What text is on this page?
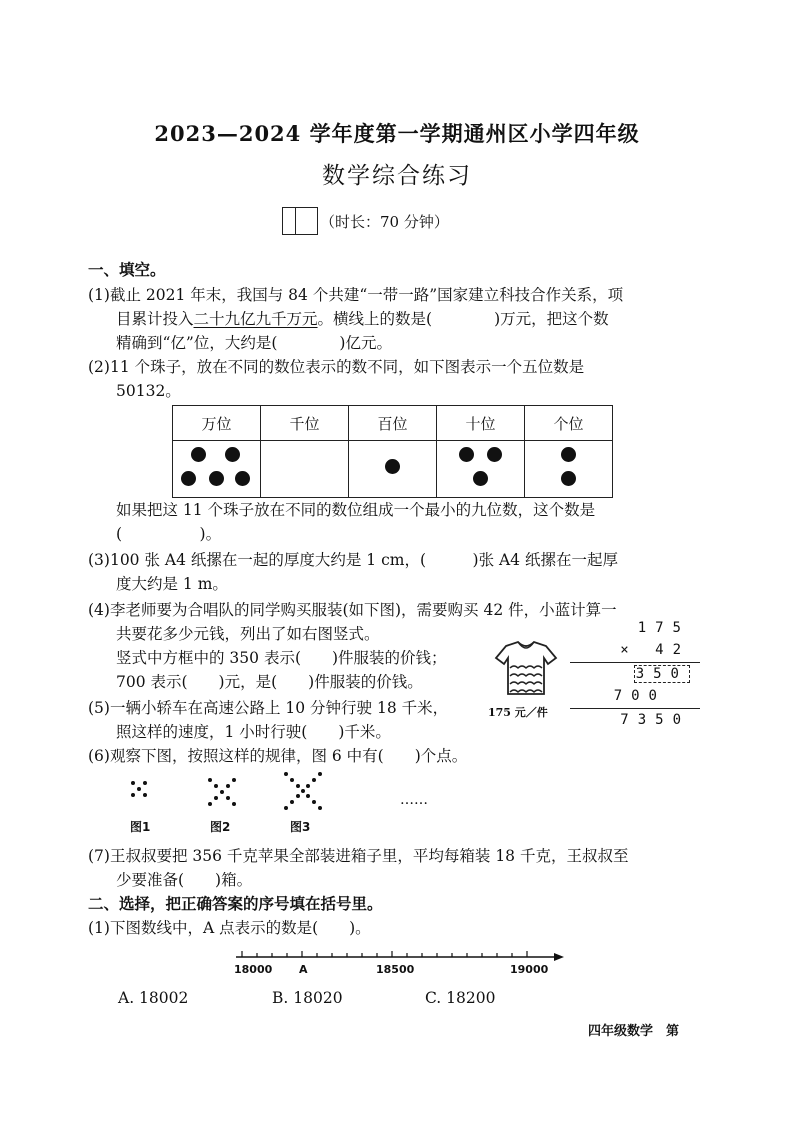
2023—2024 学年度第一学期通州区小学四年级
数学综合练习
（时长：70 分钟）
一、填空。
(1)截止 2021 年末，我国与 84 个共建“一带一路”国家建立科技合作关系，项
目累计投入二十九亿九千万元。横线上的数是(　　　　)万元，把这个数
精确到“亿”位，大约是(　　　　)亿元。
(2)11 个珠子，放在不同的数位表示的数不同，如下图表示一个五位数是
50132。
万位	千位	百位	十位	个位

如果把这 11 个珠子放在不同的数位组成一个最小的九位数，这个数是
(　　　　　)。
(3)100 张 A4 纸摞在一起的厚度大约是 1 cm，(　　　)张 A4 纸摞在一起厚
度大约是 1 m。
(4)李老师要为合唱队的同学购买服装(如下图)，需要购买 42 件，小蓝计算一
共要花多少元钱，列出了如右图竖式。
竖式中方框中的 350 表示(　　)件服装的价钱；
700 表示(　　)元，是(　　)件服装的价钱。
175 元／件
175
× 42
350
700
7350
(5)一辆小轿车在高速公路上 10 分钟行驶 18 千米，
照这样的速度，1 小时行驶(　　)千米。
(6)观察下图，按照这样的规律，图 6 中有(　　)个点。
……
图1	图2	图3
(7)王叔叔要把 356 千克苹果全部装进箱子里，平均每箱装 18 千克，王叔叔至
少要准备(　　)箱。
二、选择，把正确答案的序号填在括号里。
(1)下图数线中，A 点表示的数是(　　)。
18000 A	18500	19000
A. 18002	B. 18020	C. 18200
四年级数学　第
